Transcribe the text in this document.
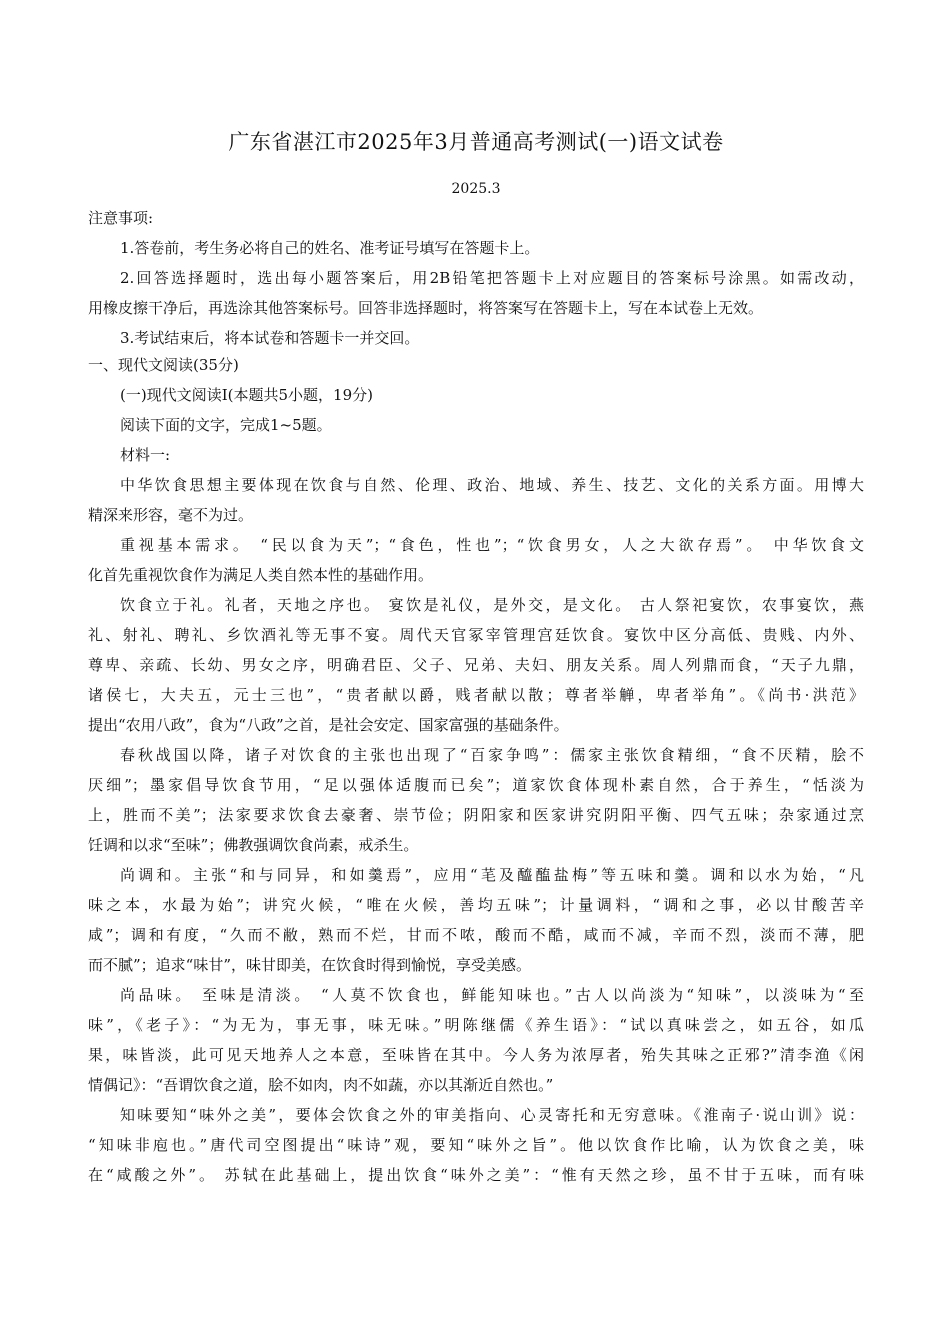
广东省湛江市2025年3月普通高考测试(一)语文试卷
2025.3

注意事项:

1.答卷前，考生务必将自己的姓名、准考证号填写在答题卡上。

2.回答选择题时，选出每小题答案后，用2B铅笔把答题卡上对应题目的答案标号涂黑。如需改动，

用橡皮擦干净后，再选涂其他答案标号。回答非选择题时，将答案写在答题卡上，写在本试卷上无效。

3.考试结束后，将本试卷和答题卡一并交回。

一、现代文阅读(35分)

(一)现代文阅读Ⅰ(本题共5小题，19分)

阅读下面的文字，完成1~5题。

材料一:

中华饮食思想主要体现在饮食与自然、伦理、政治、地域、养生、技艺、文化的关系方面。用博大

精深来形容，毫不为过。

重视基本需求。 “民以食为天”；“食色，性也”；“饮食男女，人之大欲存焉”。 中华饮食文

化首先重视饮食作为满足人类自然本性的基础作用。

饮食立于礼。礼者，天地之序也。 宴饮是礼仪，是外交，是文化。 古人祭祀宴饮，农事宴饮，燕

礼、射礼、聘礼、乡饮酒礼等无事不宴。周代天官冢宰管理宫廷饮食。宴饮中区分高低、贵贱、内外、

尊卑、亲疏、长幼、男女之序，明确君臣、父子、兄弟、夫妇、朋友关系。周人列鼎而食，“天子九鼎，

诸侯七，大夫五，元士三也”，“贵者献以爵，贱者献以散；尊者举觯，卑者举角”。《尚书·洪范》

提出“农用八政”，食为“八政”之首，是社会安定、国家富强的基础条件。

春秋战国以降，诸子对饮食的主张也出现了“百家争鸣”：儒家主张饮食精细，“食不厌精，脍不

厌细”；墨家倡导饮食节用，“足以强体适腹而已矣”；道家饮食体现朴素自然，合于养生，“恬淡为

上，胜而不美”；法家要求饮食去豪奢、崇节俭；阴阳家和医家讲究阴阳平衡、四气五味；杂家通过烹

饪调和以求“至味”；佛教强调饮食尚素，戒杀生。

尚调和。主张“和与同异，和如羹焉”，应用“芼及醯醢盐梅”等五味和羹。调和以水为始，“凡

味之本，水最为始”；讲究火候，“唯在火候，善均五味”；计量调料，“调和之事，必以甘酸苦辛

咸”；调和有度，“久而不敝，熟而不烂，甘而不哝，酸而不酷，咸而不减，辛而不烈，淡而不薄，肥

而不腻”；追求“味甘”，味甘即美，在饮食时得到愉悦，享受美感。

尚品味。 至味是清淡。 “人莫不饮食也，鲜能知味也。”古人以尚淡为“知味”，以淡味为“至

味”，《老子》：“为无为，事无事，味无味。”明陈继儒《养生语》：“试以真味尝之，如五谷，如瓜

果，味皆淡，此可见天地养人之本意，至味皆在其中。今人务为浓厚者，殆失其味之正邪?”清李渔《闲

情偶记》：“吾谓饮食之道，脍不如肉，肉不如蔬，亦以其渐近自然也。”

知味要知“味外之美”，要体会饮食之外的审美指向、心灵寄托和无穷意味。《淮南子·说山训》说：

“知味非庖也。”唐代司空图提出“味诗”观，要知“味外之旨”。他以饮食作比喻，认为饮食之美，味

在“咸酸之外”。 苏轼在此基础上，提出饮食“味外之美”：“惟有天然之珍，虽不甘于五味，而有味
